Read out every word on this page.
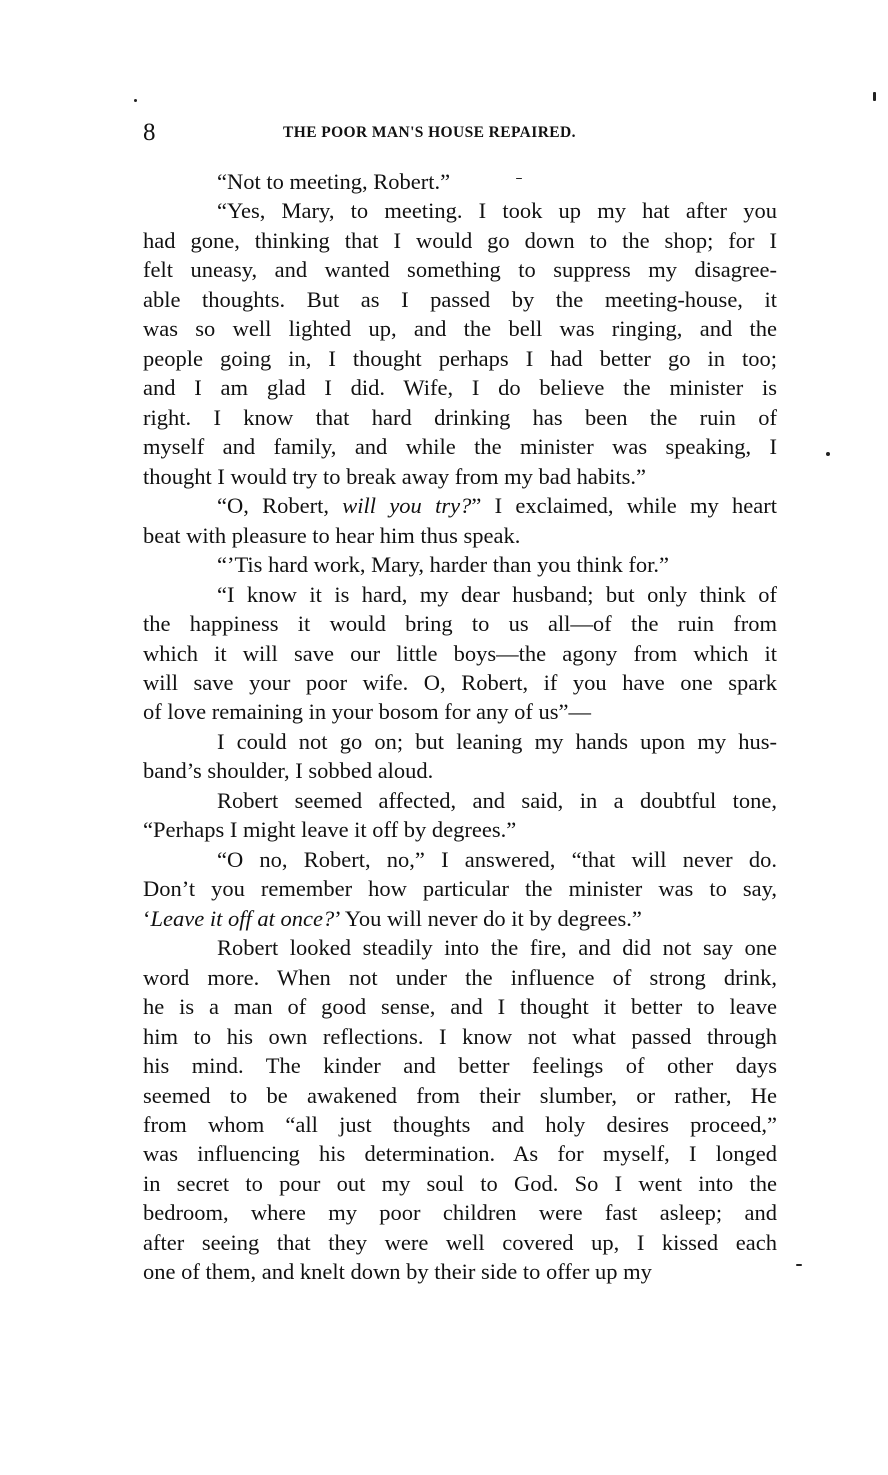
8	THE POOR MAN'S HOUSE REPAIRED.
“Not to meeting, Robert.”
“Yes, Mary, to meeting. I took up my hat after you
had gone, thinking that I would go down to the shop; for I
felt uneasy, and wanted something to suppress my disagree-
able thoughts. But as I passed by the meeting-house, it
was so well lighted up, and the bell was ringing, and the
people going in, I thought perhaps I had better go in too;
and I am glad I did. Wife, I do believe the minister is
right. I know that hard drinking has been the ruin of
myself and family, and while the minister was speaking, I
thought I would try to break away from my bad habits.”
“O, Robert, will you try?” I exclaimed, while my heart
beat with pleasure to hear him thus speak.
“’Tis hard work, Mary, harder than you think for.”
“I know it is hard, my dear husband; but only think of
the happiness it would bring to us all—of the ruin from
which it will save our little boys—the agony from which it
will save your poor wife. O, Robert, if you have one spark
of love remaining in your bosom for any of us”—
I could not go on; but leaning my hands upon my hus-
band’s shoulder, I sobbed aloud.
Robert seemed affected, and said, in a doubtful tone,
“Perhaps I might leave it off by degrees.”
“O no, Robert, no,” I answered, “that will never do.
Don’t you remember how particular the minister was to say,
‘Leave it off at once?’ You will never do it by degrees.”
Robert looked steadily into the fire, and did not say one
word more. When not under the influence of strong drink,
he is a man of good sense, and I thought it better to leave
him to his own reflections. I know not what passed through
his mind. The kinder and better feelings of other days
seemed to be awakened from their slumber, or rather, He
from whom “all just thoughts and holy desires proceed,”
was influencing his determination. As for myself, I longed
in secret to pour out my soul to God. So I went into the
bedroom, where my poor children were fast asleep; and
after seeing that they were well covered up, I kissed each
one of them, and knelt down by their side to offer up my
